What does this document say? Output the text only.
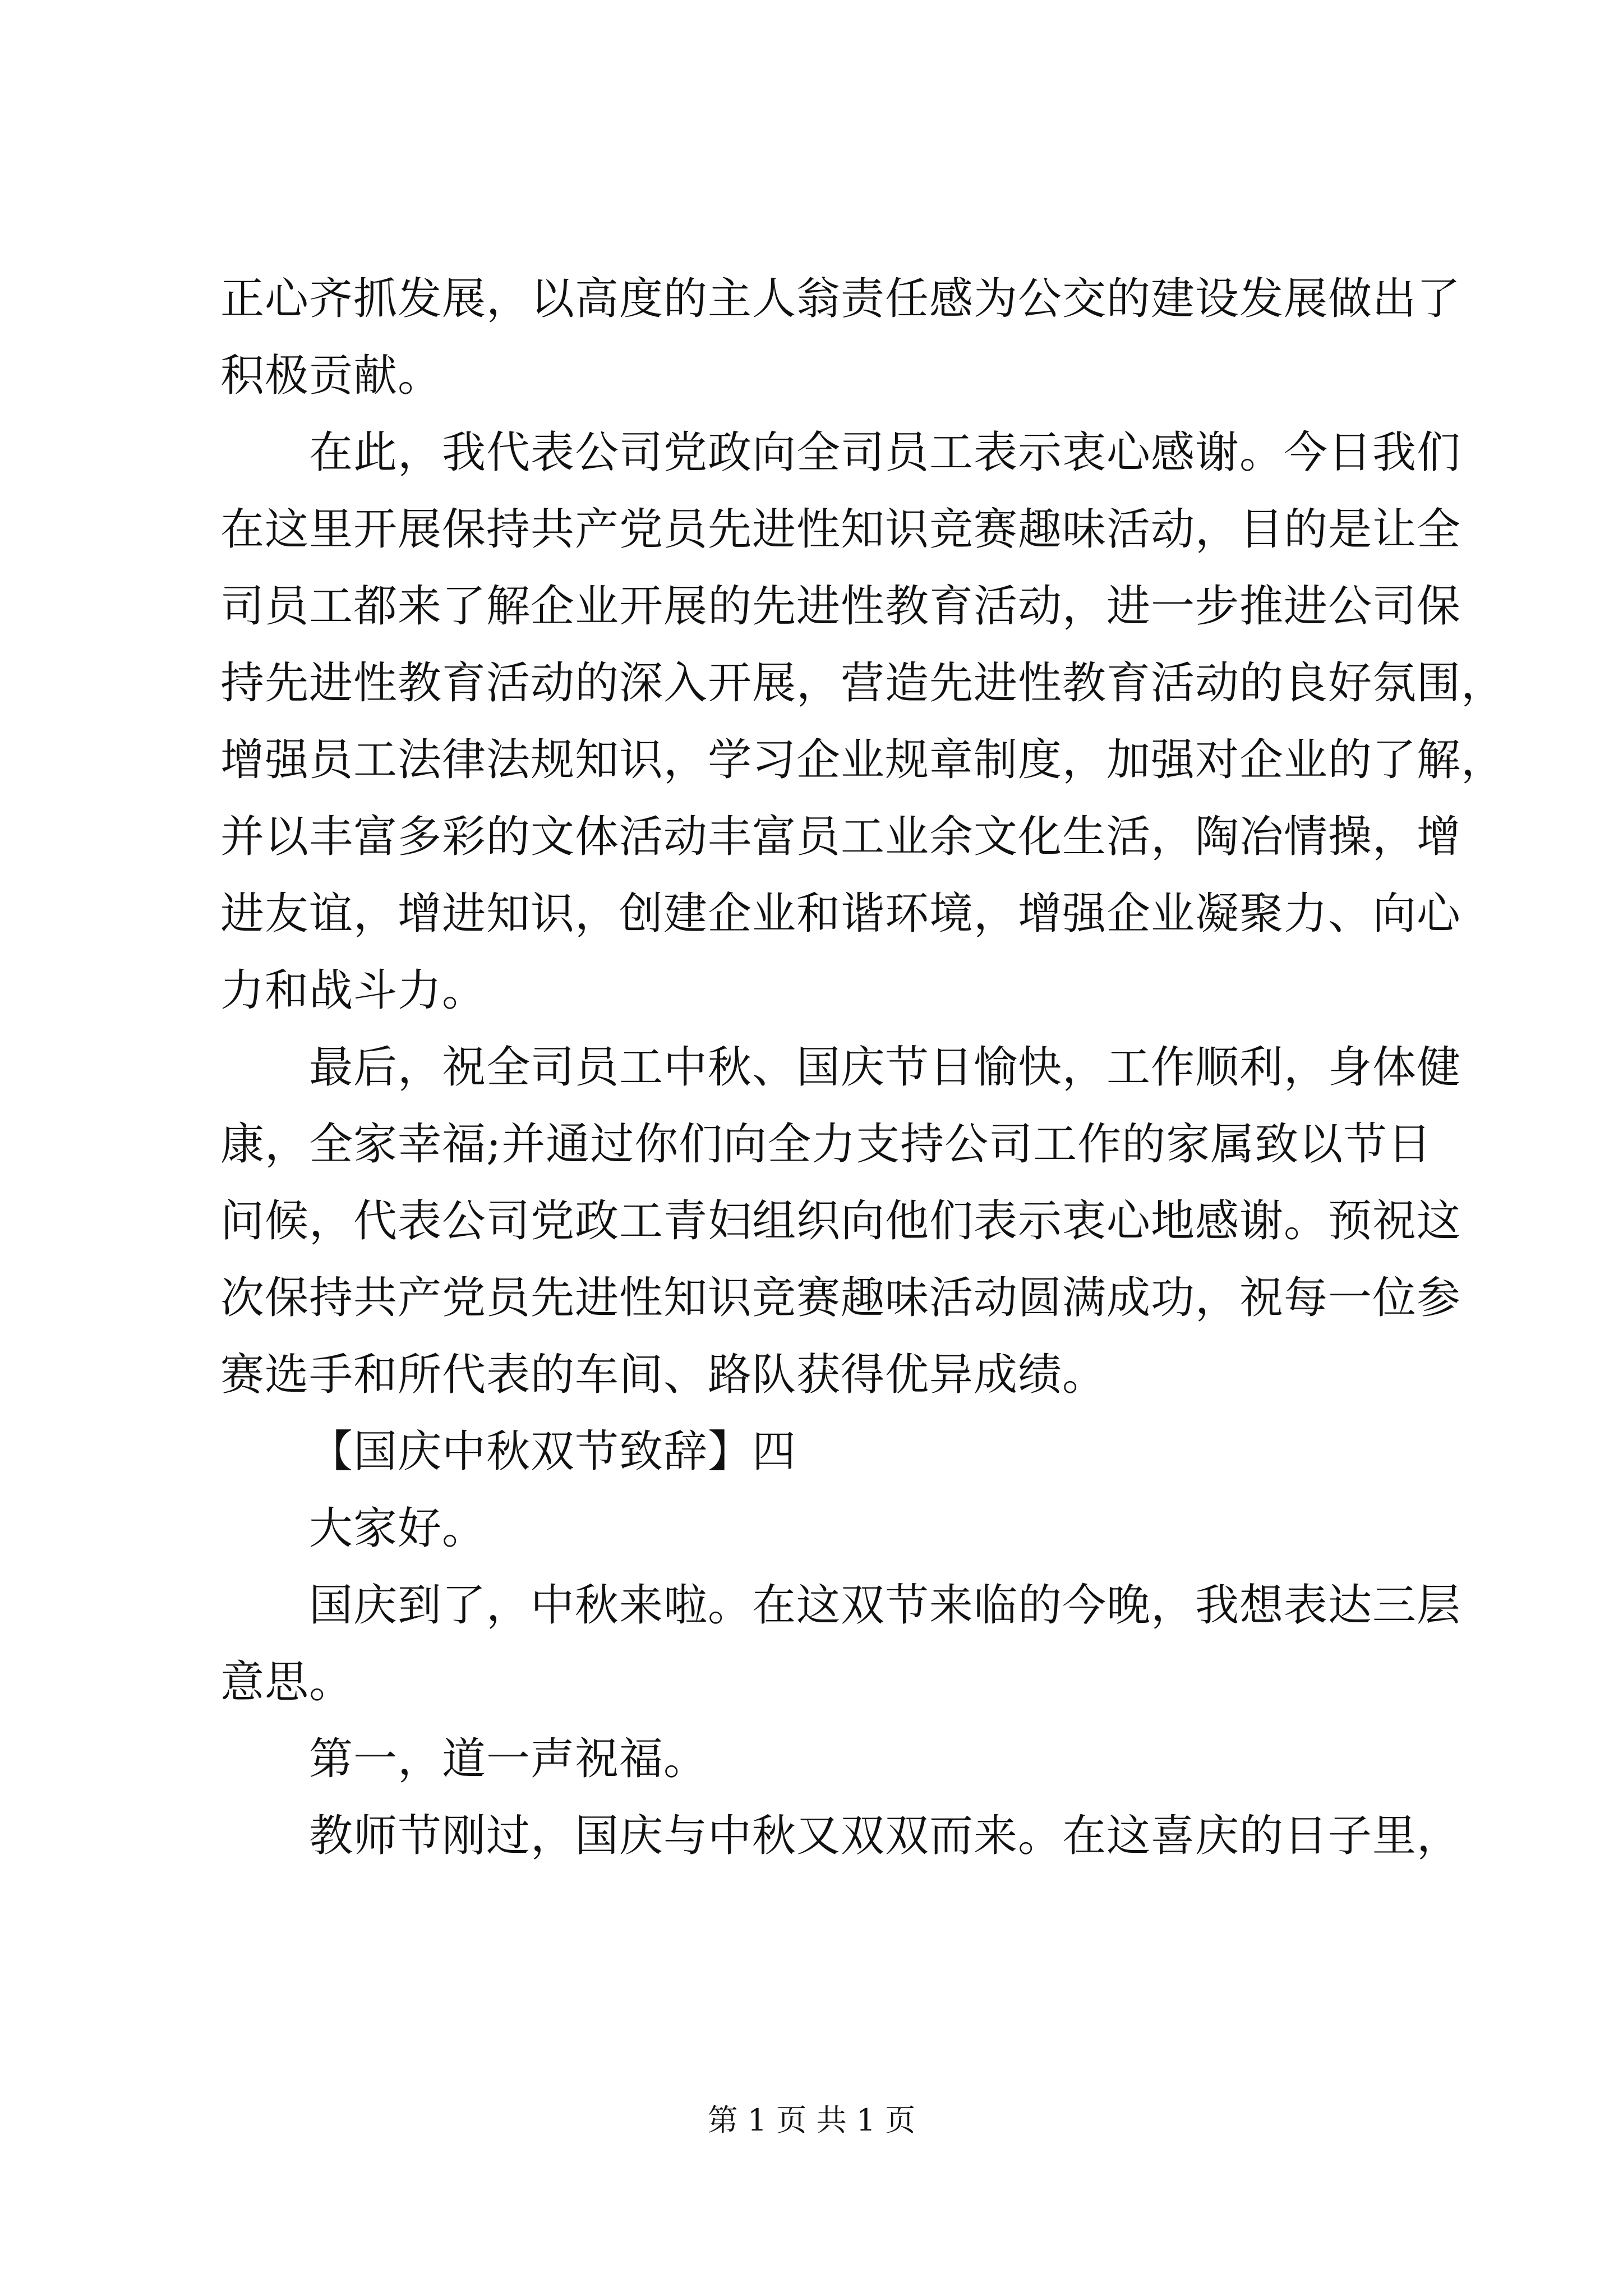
正心齐抓发展，以高度的主人翁责任感为公交的建设发展做出了
积极贡献。
在此，我代表公司党政向全司员工表示衷心感谢。今日我们
在这里开展保持共产党员先进性知识竞赛趣味活动，目的是让全
司员工都来了解企业开展的先进性教育活动，进一步推进公司保
持先进性教育活动的深入开展，营造先进性教育活动的良好氛围，
增强员工法律法规知识，学习企业规章制度，加强对企业的了解，
并以丰富多彩的文体活动丰富员工业余文化生活，陶冶情操，增
进友谊，增进知识，创建企业和谐环境，增强企业凝聚力、向心
力和战斗力。
最后，祝全司员工中秋、国庆节日愉快，工作顺利，身体健
康，全家幸福;并通过你们向全力支持公司工作的家属致以节日
问候，代表公司党政工青妇组织向他们表示衷心地感谢。预祝这
次保持共产党员先进性知识竞赛趣味活动圆满成功，祝每一位参
赛选手和所代表的车间、路队获得优异成绩。
【国庆中秋双节致辞】四
大家好。
国庆到了，中秋来啦。在这双节来临的今晚，我想表达三层
意思。
第一，道一声祝福。
教师节刚过，国庆与中秋又双双而来。在这喜庆的日子里，
第 1 页 共 1 页
